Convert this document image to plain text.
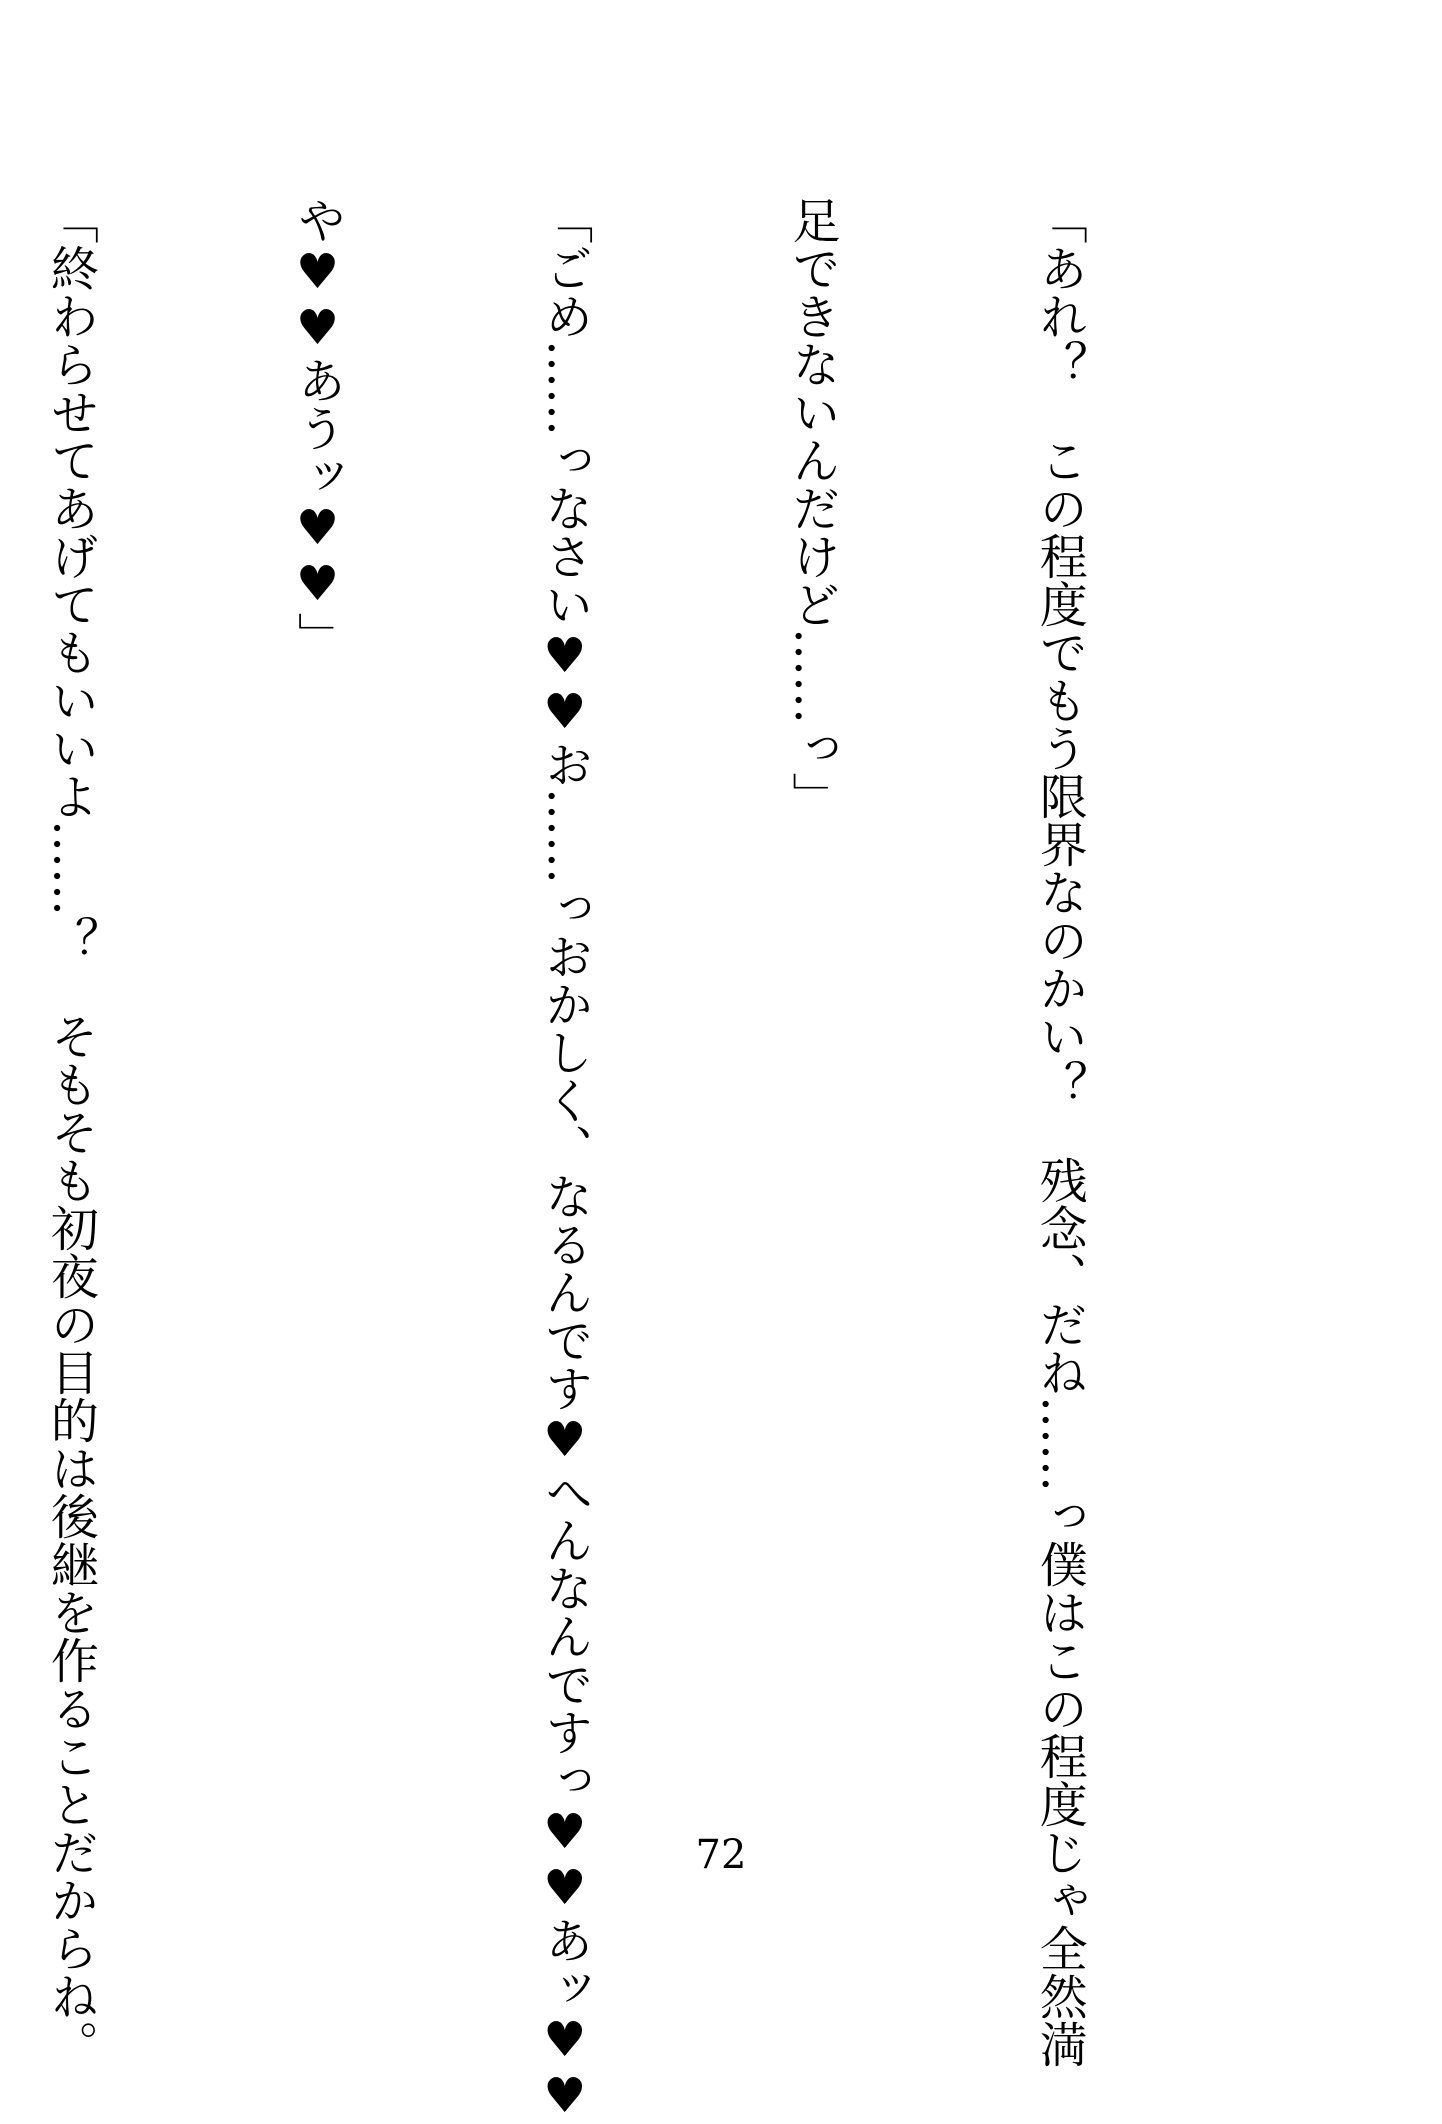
「あれ？　この程度でもう限界なのかい？　残念、だね……っ僕はこの程度じゃ全然満

足できないんだけど……っ」

「ごめ……っなさい♥♥お……っおかしく、なるんです♥へんなんですっ♥♥あッ♥♥

や♥♥あうッ♥♥」

「終わらせてあげてもいいよ……？　そもそも初夜の目的は後継を作ることだからね。

	72
